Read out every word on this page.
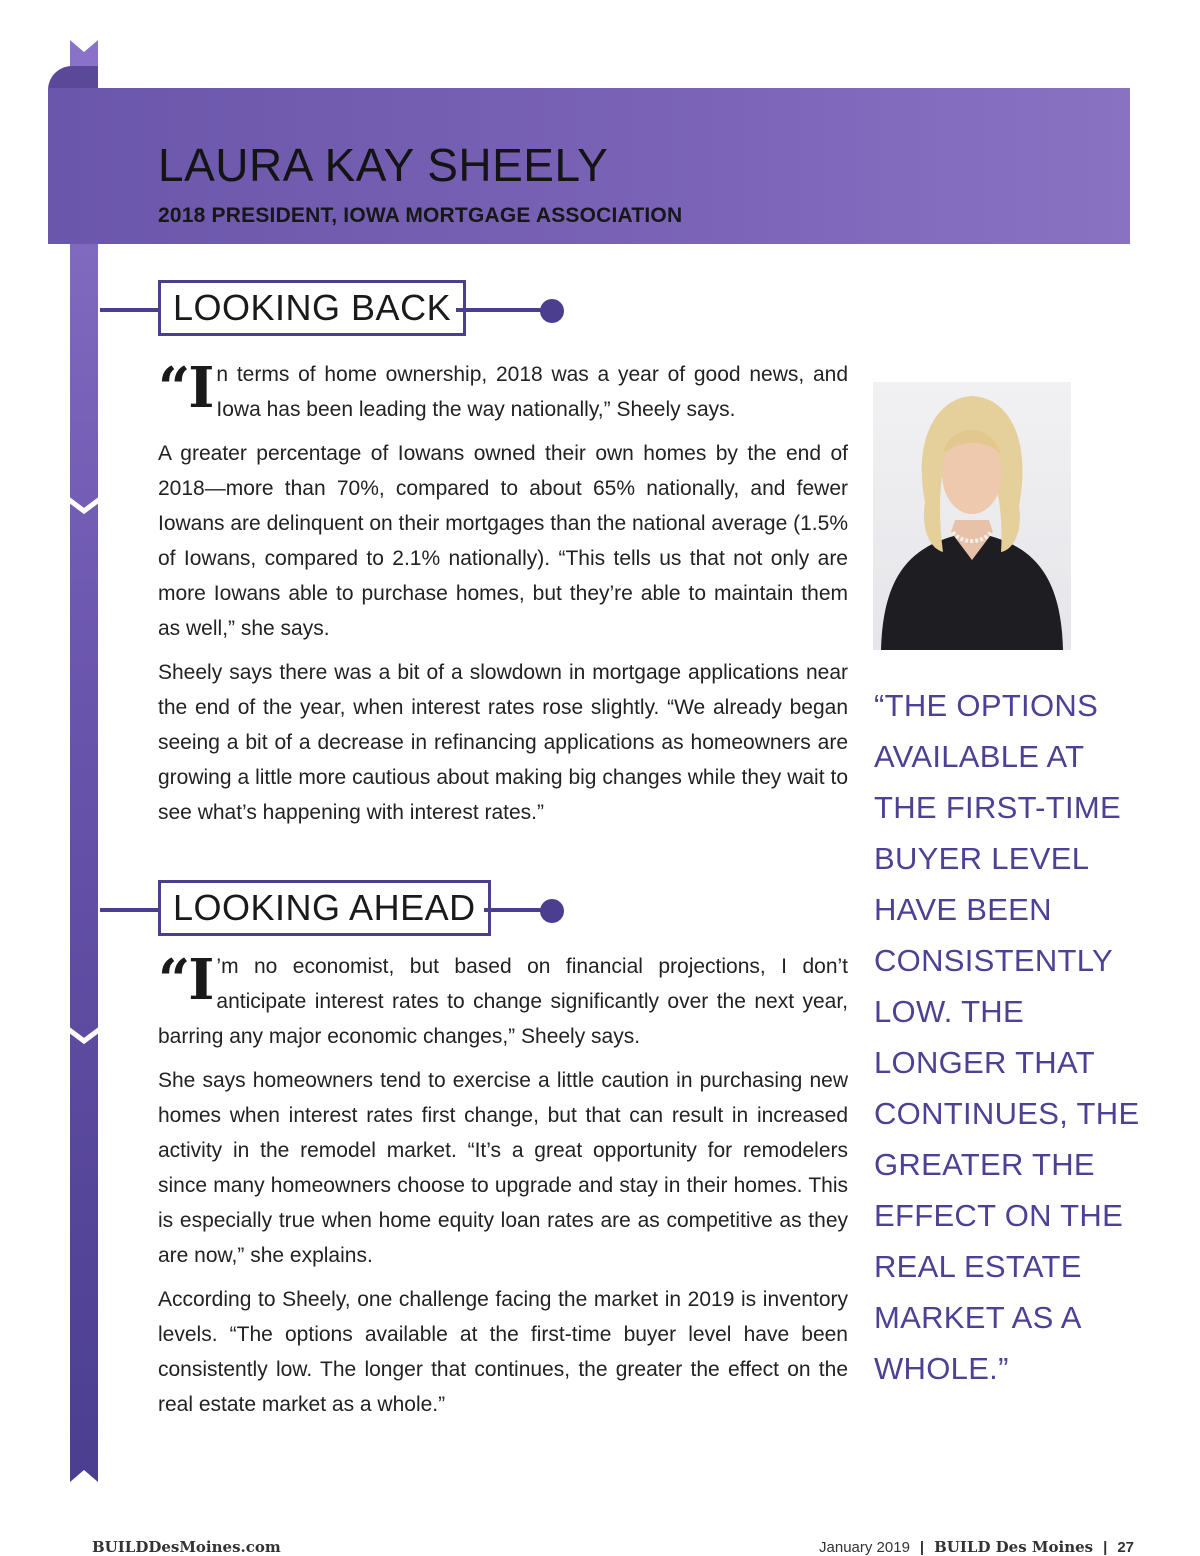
LAURA KAY SHEELY
2018 PRESIDENT, IOWA MORTGAGE ASSOCIATION
LOOKING BACK

“In terms of home ownership, 2018 was a year of good news, and Iowa has been leading the way nationally,” Sheely says.

A greater percentage of Iowans owned their own homes by the end of 2018—more than 70%, compared to about 65% nationally, and fewer Iowans are delinquent on their mortgages than the national average (1.5% of Iowans, compared to 2.1% nationally). “This tells us that not only are more Iowans able to purchase homes, but they’re able to maintain them as well,” she says.

Sheely says there was a bit of a slowdown in mortgage applications near the end of the year, when interest rates rose slightly. “We already began seeing a bit of a decrease in refinancing applications as homeowners are growing a little more cautious about making big changes while they wait to see what’s happening with interest rates.”

LOOKING AHEAD

“I ’m no economist, but based on financial projections, I don’t anticipate interest rates to change significantly over the next year, barring any major economic changes,” Sheely says.

She says homeowners tend to exercise a little caution in purchasing new homes when interest rates first change, but that can result in increased activity in the remodel market. “It’s a great opportunity for remodelers since many homeowners choose to upgrade and stay in their homes. This is especially true when home equity loan rates are as competitive as they are now,” she explains.

According to Sheely, one challenge facing the market in 2019 is inventory levels. “The options available at the first-time buyer level have been consistently low. The longer that continues, the greater the effect on the real estate market as a whole.”

“THE OPTIONS AVAILABLE AT THE FIRST-TIME BUYER LEVEL HAVE BEEN CONSISTENTLY LOW. THE LONGER THAT CONTINUES, THE GREATER THE EFFECT ON THE REAL ESTATE MARKET AS A WHOLE.”

BUILDDesMoines.com	January 2019 | BUILD Des Moines | 27
